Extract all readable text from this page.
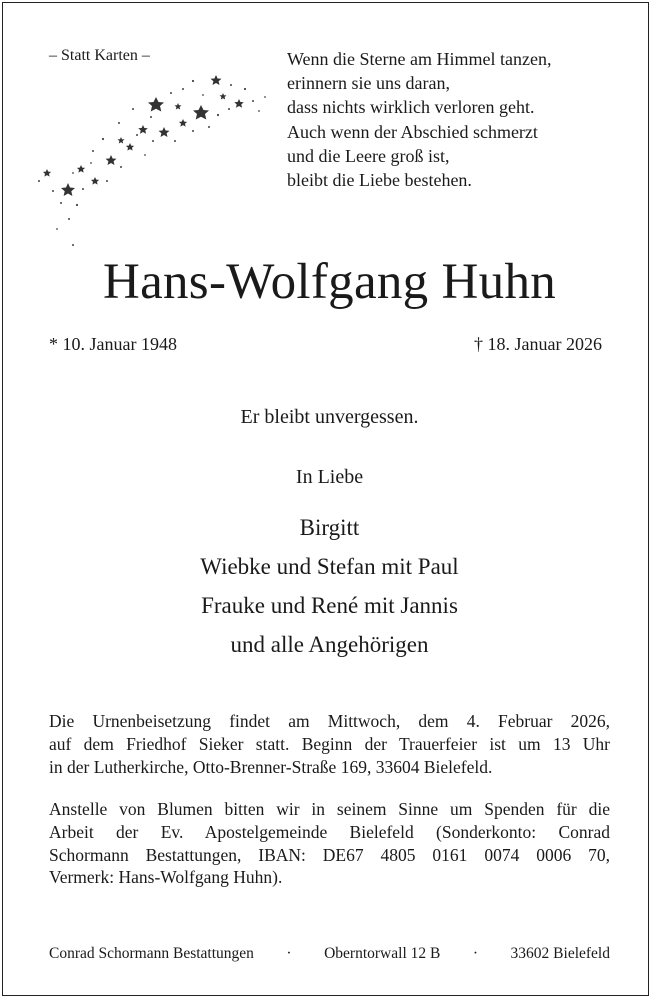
– Statt Karten –	Wenn die Sterne am Himmel tanzen,
erinnern sie uns daran,
dass nichts wirklich verloren geht.
Auch wenn der Abschied schmerzt
und die Leere groß ist,
bleibt die Liebe bestehen.
Hans-Wolfgang Huhn
* 10. Januar 1948	† 18. Januar 2026
Er bleibt unvergessen.
In Liebe
Birgitt
Wiebke und Stefan mit Paul
Frauke und René mit Jannis
und alle Angehörigen
Die Urnenbeisetzung findet am Mittwoch, dem 4. Februar 2026,
auf dem Friedhof Sieker statt. Beginn der Trauerfeier ist um 13 Uhr
in der Lutherkirche, Otto-Brenner-Straße 169, 33604 Bielefeld.
Anstelle von Blumen bitten wir in seinem Sinne um Spenden für die
Arbeit der Ev. Apostelgemeinde Bielefeld (Sonderkonto: Conrad
Schormann Bestattungen, IBAN: DE67 4805 0161 0074 0006 70,
Vermerk: Hans-Wolfgang Huhn).
Conrad Schormann Bestattungen · Oberntorwall 12 B · 33602 Bielefeld
